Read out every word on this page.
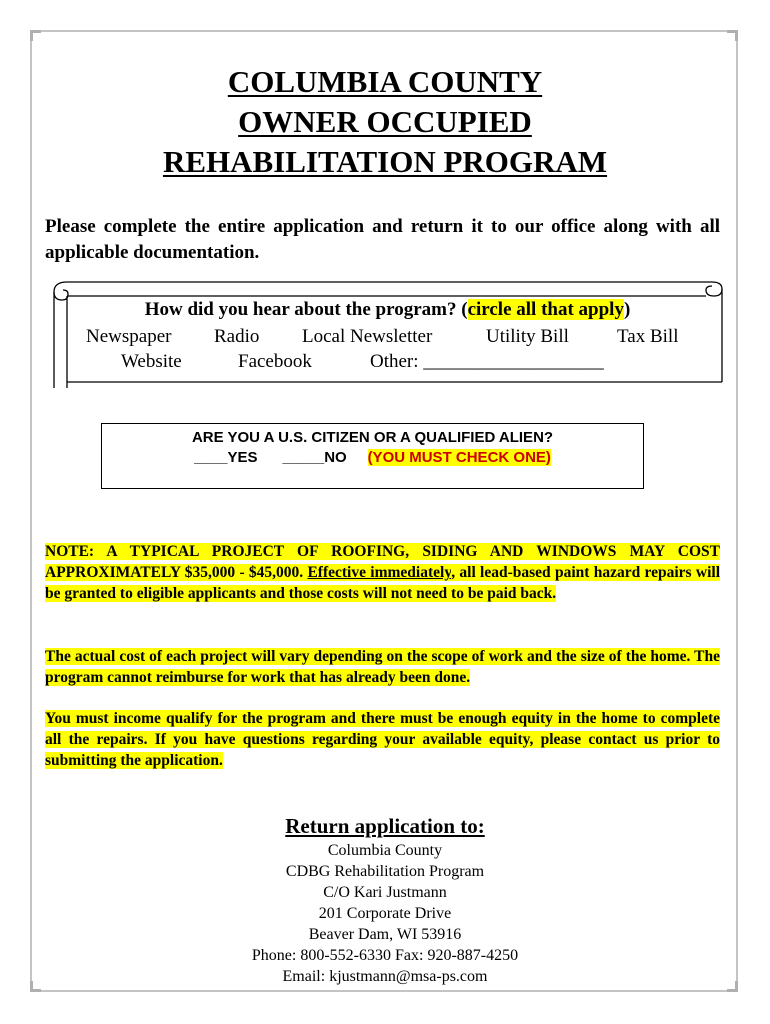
COLUMBIA COUNTY
OWNER OCCUPIED
REHABILITATION PROGRAM
Please complete the entire application and return it to our office along with all applicable documentation.
How did you hear about the program? (circle all that apply)
Newspaper Radio Local Newsletter	Utility Bill	Tax Bill
Website	Facebook	Other: ___________________
ARE YOU A U.S. CITIZEN OR A QUALIFIED ALIEN?
____YES _____NO (YOU MUST CHECK ONE)
NOTE: A TYPICAL PROJECT OF ROOFING, SIDING AND WINDOWS MAY COST APPROXIMATELY $35,000 - $45,000. Effective immediately, all lead-based paint hazard repairs will be granted to eligible applicants and those costs will not need to be paid back.
The actual cost of each project will vary depending on the scope of work and the size of the home. The program cannot reimburse for work that has already been done.
You must income qualify for the program and there must be enough equity in the home to complete all the repairs. If you have questions regarding your available equity, please contact us prior to submitting the application.
Return application to:
Columbia County
CDBG Rehabilitation Program
C/O Kari Justmann
201 Corporate Drive
Beaver Dam, WI 53916
Phone: 800-552-6330 Fax: 920-887-4250
Email: kjustmann@msa-ps.com
